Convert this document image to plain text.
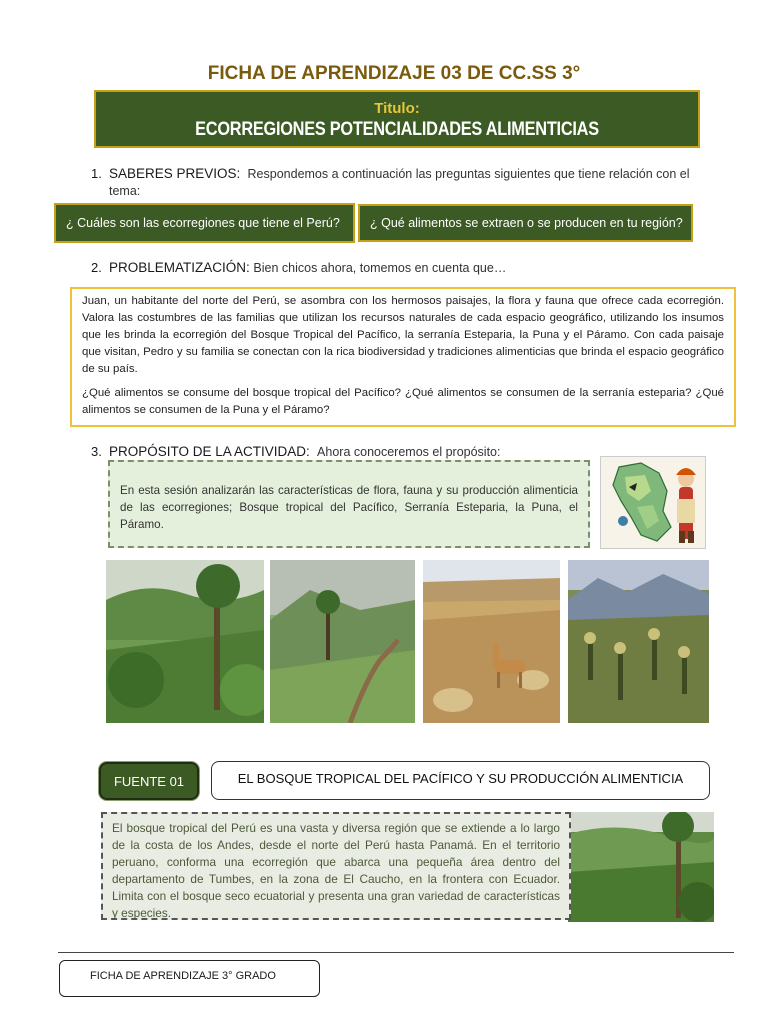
FICHA DE APRENDIZAJE 03 DE CC.SS 3°
Titulo:
ECORREGIONES POTENCIALIDADES ALIMENTICIAS
1. SABERES PREVIOS: Respondemos a continuación las preguntas siguientes que tiene relación con el
tema:
¿ Cuáles son las ecorregiones que tiene el Perú? ¿ Qué alimentos se extraen o se producen en tu región?
2. PROBLEMATIZACIÓN: Bien chicos ahora, tomemos en cuenta que…

Juan, un habitante del norte del Perú, se asombra con los hermosos paisajes, la flora y fauna que ofrece cada ecorregión. Valora las costumbres de las familias que utilizan los recursos naturales de cada espacio geográfico, utilizando los insumos que les brinda la ecorregión del Bosque Tropical del Pacífico, la serranía Esteparia, la Puna y el Páramo. Con cada paisaje que visitan, Pedro y su familia se conectan con la rica biodiversidad y tradiciones alimenticias que brinda el espacio geográfico de su país.

¿Qué alimentos se consume del bosque tropical del Pacífico? ¿Qué alimentos se consumen de la serranía esteparia? ¿Qué alimentos se consumen de la Puna y el Páramo?

3. PROPÓSITO DE LA ACTIVIDAD: Ahora conoceremos el propósito:
En esta sesión analizarán las características de flora, fauna y su producción alimenticia de las ecorregiones; Bosque tropical del Pacífico, Serranía Esteparia, la Puna, el Páramo.
FUENTE 01	EL BOSQUE TROPICAL DEL PACÍFICO Y SU PRODUCCIÓN ALIMENTICIA
El bosque tropical del Perú es una vasta y diversa región que se extiende a lo largo de la costa de los Andes, desde el norte del Perú hasta Panamá. En el territorio peruano, conforma una ecorregión que abarca una pequeña área dentro del departamento de Tumbes, en la zona de El Caucho, en la frontera con Ecuador. Limita con el bosque seco ecuatorial y presenta una gran variedad de características y especies.
FICHA DE APRENDIZAJE 3° GRADO
